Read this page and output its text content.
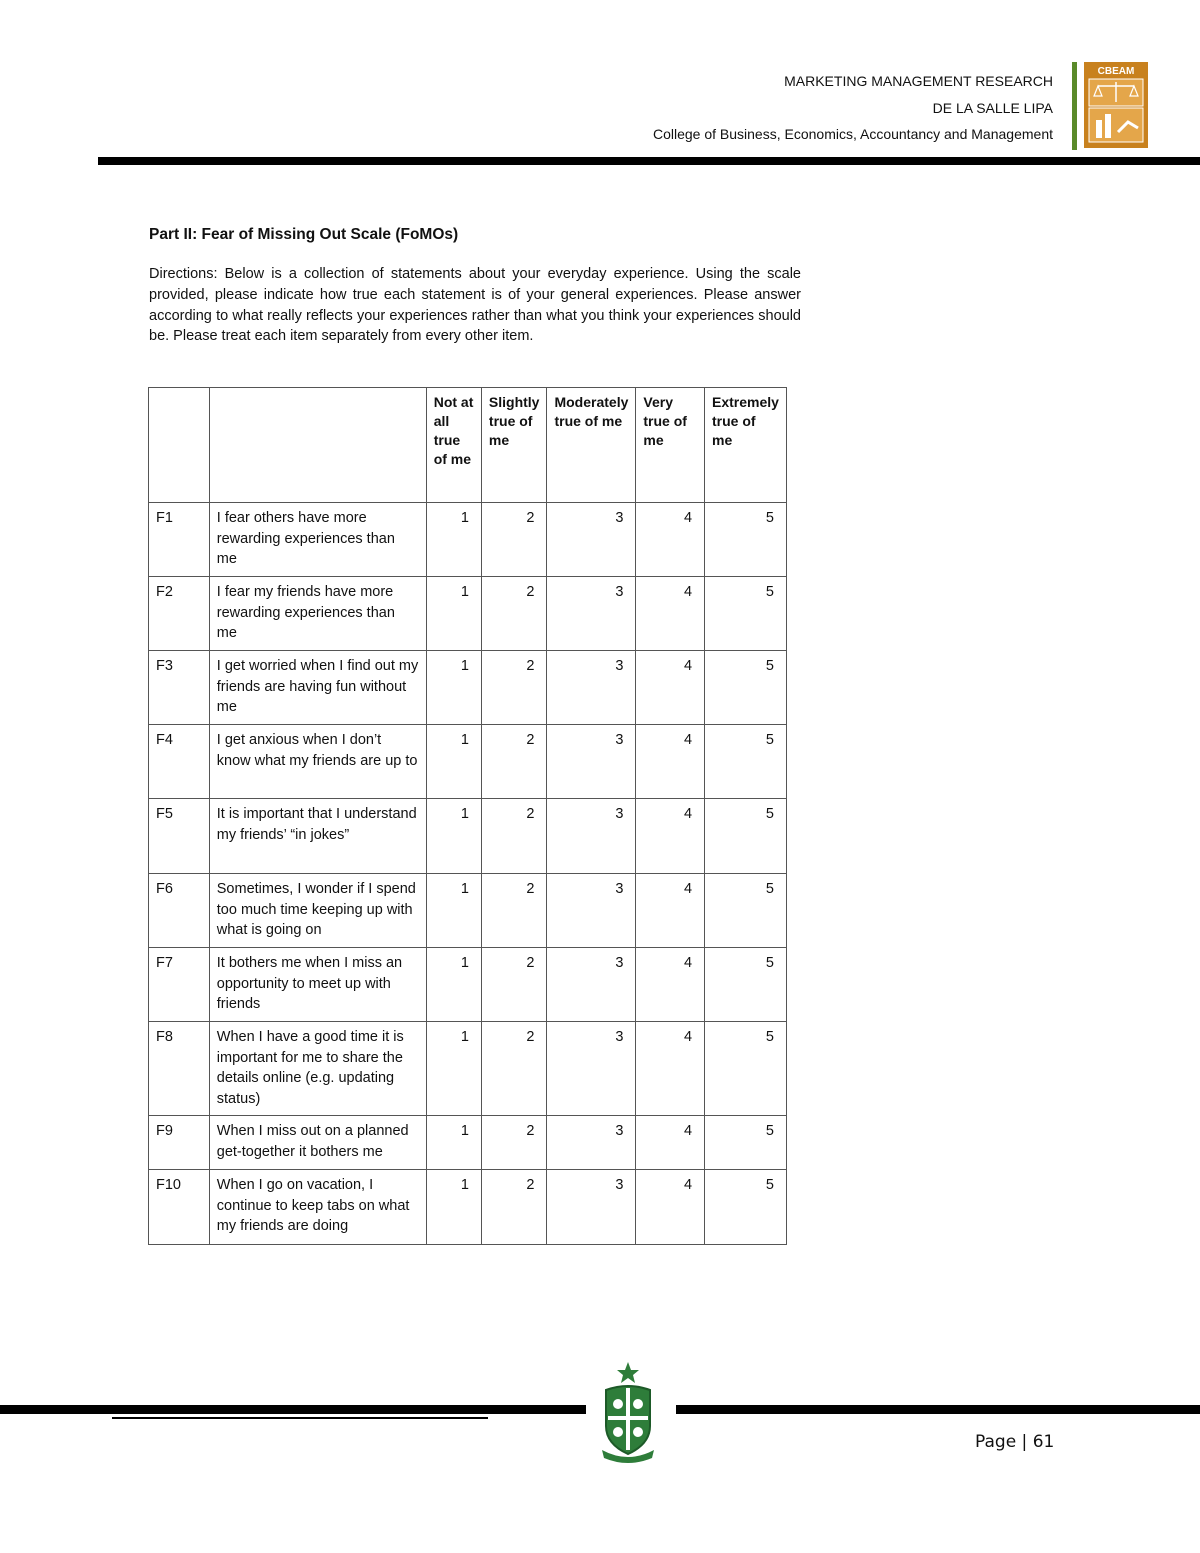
MARKETING MANAGEMENT RESEARCH
DE LA SALLE LIPA
College of Business, Economics, Accountancy and Management
CBEAM
Part II: Fear of Missing Out Scale (FoMOs)
Directions: Below is a collection of statements about your everyday experience. Using the scale provided, please indicate how true each statement is of your general experiences. Please answer according to what really reflects your experiences rather than what you think your experiences should be. Please treat each item separately from every other item.
		Not at all true of me	Slightly true of me	Moderately true of me	Very true of me	Extremely true of me
F1	I fear others have more rewarding experiences than me	1	2	3	4	5
F2	I fear my friends have more rewarding experiences than me	1	2	3	4	5
F3	I get worried when I find out my friends are having fun without me	1	2	3	4	5
F4	I get anxious when I don’t know what my friends are up to	1	2	3	4	5
F5	It is important that I understand my friends’ “in jokes”	1	2	3	4	5
F6	Sometimes, I wonder if I spend too much time keeping up with what is going on	1	2	3	4	5
F7	It bothers me when I miss an opportunity to meet up with friends	1	2	3	4	5
F8	When I have a good time it is important for me to share the details online (e.g. updating status)	1	2	3	4	5
F9	When I miss out on a planned get-together it bothers me	1	2	3	4	5
F10	When I go on vacation, I continue to keep tabs on what my friends are doing	1	2	3	4	5
Page | 61
